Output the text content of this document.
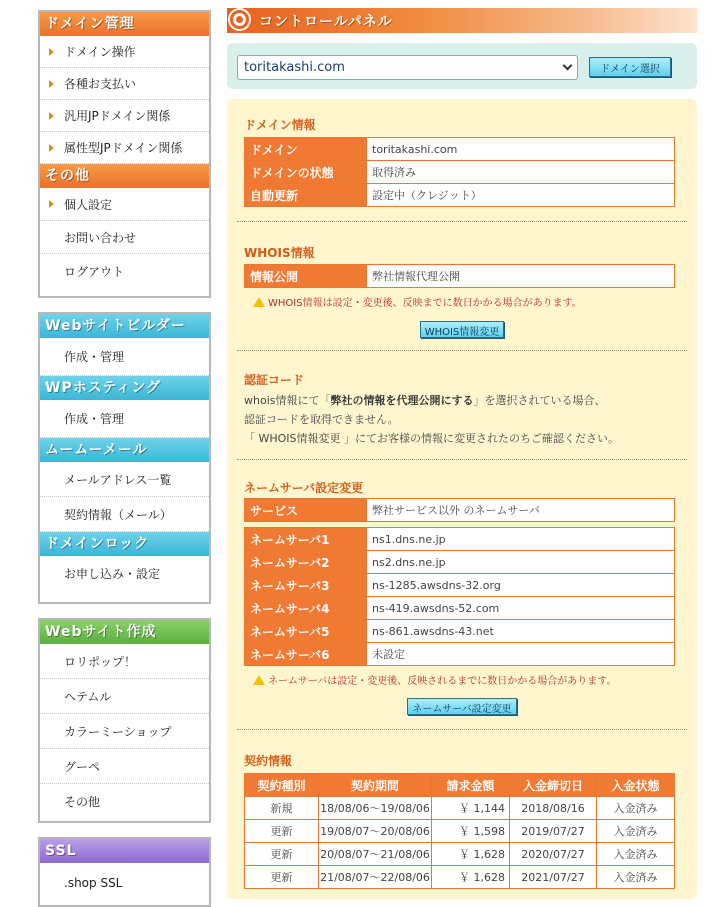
ドメイン管理
ドメイン操作
各種お支払い
汎用JPドメイン関係
属性型JPドメイン関係
その他
個人設定
お問い合わせ
ログアウト
Webサイトビルダー
作成・管理
WPホスティング
作成・管理
ムームーメール
メールアドレス一覧
契約情報（メール）
ドメインロック
お申し込み・設定
Webサイト作成
ロリポップ！
ヘテムル
カラーミーショップ
グーペ
その他
SSL
.shop SSL
コントロールパネル
toritakashi.com	ドメイン選択
ドメイン情報
ドメイン	toritakashi.com
ドメインの状態	取得済み
自動更新	設定中（クレジット）
WHOIS情報
情報公開	弊社情報代理公開
WHOIS情報は設定・変更後、反映までに数日かかる場合があります。
WHOIS情報変更
認証コード
whois情報にて「弊社の情報を代理公開にする」を選択されている場合、
認証コードを取得できません。
「 WHOIS情報変更 」にてお客様の情報に変更されたのちご確認ください。
ネームサーバ設定変更
サービス	弊社サービス以外 のネームサーバ
ネームサーバ1	ns1.dns.ne.jp
ネームサーバ2	ns2.dns.ne.jp
ネームサーバ3	ns-1285.awsdns-32.org
ネームサーバ4	ns-419.awsdns-52.com
ネームサーバ5	ns-861.awsdns-43.net
ネームサーバ6	未設定
ネームサーバは設定・変更後、反映されるまでに数日かかる場合があります。
ネームサーバ設定変更
契約情報
契約種別	契約期間	請求金額	入金締切日	入金状態
新規	18/08/06〜19/08/06	￥ 1,144	2018/08/16	入金済み
更新	19/08/07〜20/08/06	￥ 1,598	2019/07/27	入金済み
更新	20/08/07〜21/08/06	￥ 1,628	2020/07/27	入金済み
更新	21/08/07〜22/08/06	￥ 1,628	2021/07/27	入金済み
